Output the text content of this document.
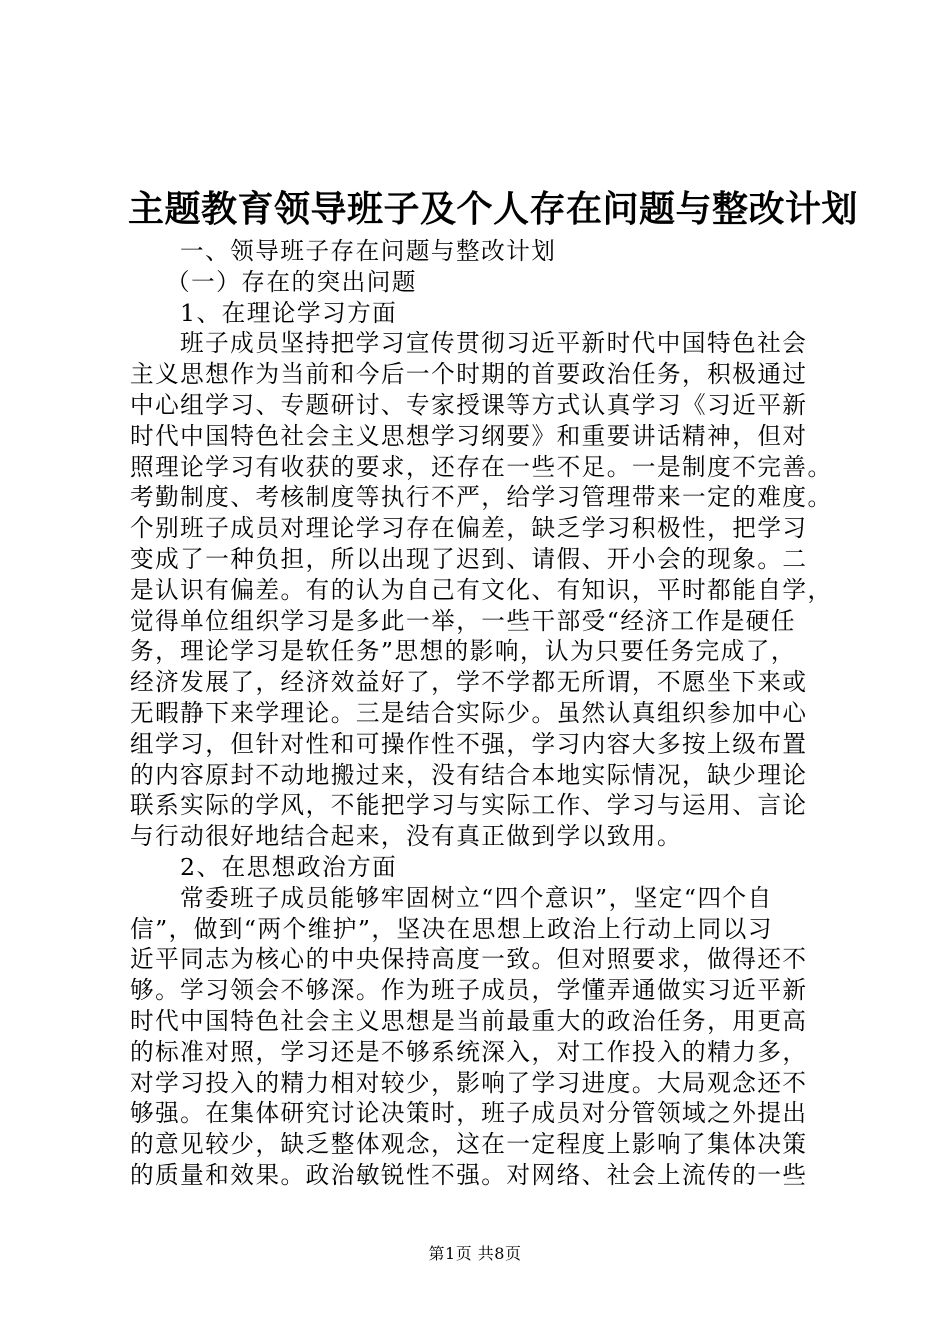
主题教育领导班子及个人存在问题与整改计划
一、领导班子存在问题与整改计划
（一）存在的突出问题
1、在理论学习方面
班子成员坚持把学习宣传贯彻习近平新时代中国特色社会
主义思想作为当前和今后一个时期的首要政治任务，积极通过
中心组学习、专题研讨、专家授课等方式认真学习《习近平新
时代中国特色社会主义思想学习纲要》和重要讲话精神，但对
照理论学习有收获的要求，还存在一些不足。一是制度不完善。
考勤制度、考核制度等执行不严，给学习管理带来一定的难度。
个别班子成员对理论学习存在偏差，缺乏学习积极性，把学习
变成了一种负担，所以出现了迟到、请假、开小会的现象。二
是认识有偏差。有的认为自己有文化、有知识，平时都能自学，
觉得单位组织学习是多此一举，一些干部受“经济工作是硬任
务，理论学习是软任务”思想的影响，认为只要任务完成了，
经济发展了，经济效益好了，学不学都无所谓，不愿坐下来或
无暇静下来学理论。三是结合实际少。虽然认真组织参加中心
组学习，但针对性和可操作性不强，学习内容大多按上级布置
的内容原封不动地搬过来，没有结合本地实际情况，缺少理论
联系实际的学风，不能把学习与实际工作、学习与运用、言论
与行动很好地结合起来，没有真正做到学以致用。
2、在思想政治方面
常委班子成员能够牢固树立“四个意识”，坚定“四个自
信”，做到“两个维护”，坚决在思想上政治上行动上同以习
近平同志为核心的中央保持高度一致。但对照要求，做得还不
够。学习领会不够深。作为班子成员，学懂弄通做实习近平新
时代中国特色社会主义思想是当前最重大的政治任务，用更高
的标准对照，学习还是不够系统深入，对工作投入的精力多，
对学习投入的精力相对较少，影响了学习进度。大局观念还不
够强。在集体研究讨论决策时，班子成员对分管领域之外提出
的意见较少，缺乏整体观念，这在一定程度上影响了集体决策
的质量和效果。政治敏锐性不强。对网络、社会上流传的一些
第1页 共8页
